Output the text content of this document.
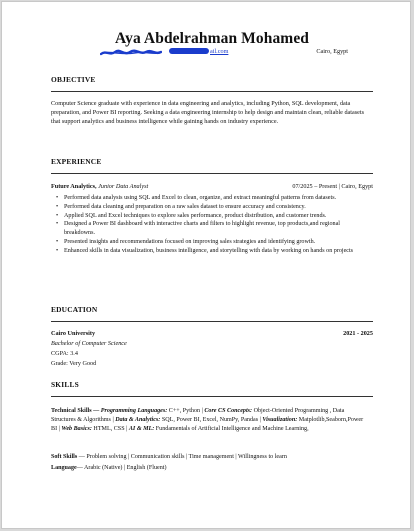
Aya Abdelrahman Mohamed
ail.com	Cairo, Egypt
OBJECTIVE
Computer Science graduate with experience in data engineering and analytics, including Python, SQL development, data preparation, and Power BI reporting. Seeking a data engineering internship to help design and maintain clean, reliable datasets that support analytics and business intelligence while gaining hands on industry experience.
EXPERIENCE
Future Analytics, Junior Data Analyst	07/2025 – Present | Cairo, Egypt
• Performed data analysis using SQL and Excel to clean, organize, and extract meaningful patterns from datasets.
• Performed data cleaning and preparation on a raw sales dataset to ensure accuracy and consistency.
• Applied SQL and Excel techniques to explore sales performance, product distribution, and customer trends.
• Designed a Power BI dashboard with interactive charts and filters to highlight revenue, top products,and regional breakdowns.
• Presented insights and recommendations focused on improving sales strategies and identifying growth.
• Enhanced skills in data visualization, business intelligence, and storytelling with data by working on hands on projects
EDUCATION
Cairo University	2021 - 2025
Bachelor of Computer Science
CGPA: 3.4
Grade: Very Good
SKILLS
Technical Skills — Programming Languages: C++, Python | Core CS Concepts: Object-Oriented Programming , Data Structures & Algorithms | Data & Analytics: SQL, Power BI, Excel, NumPy, Pandas | Visualization: Matplotlib,Seaborn,Power BI | Web Basics: HTML, CSS | AI & ML: Fundamentals of Artificial Intelligence and Machine Learning,
Soft Skills — Problem solving | Communication skills | Time management | Willingness to learn
Language— Arabic (Native) | English (Fluent)
